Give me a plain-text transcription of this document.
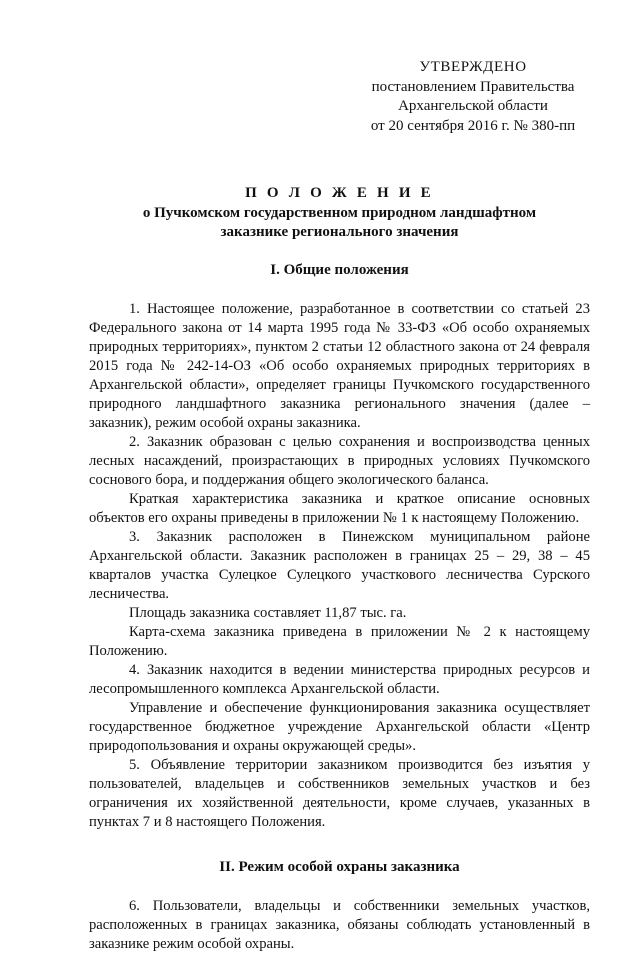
УТВЕРЖДЕНО
постановлением Правительства
Архангельской области
от 20 сентября 2016 г. № 380-пп
П О Л О Ж Е Н И Е
о Пучкомском государственном природном ландшафтном
заказнике регионального значения
I. Общие положения

1. Настоящее положение, разработанное в соответствии со статьей 23 Федерального закона от 14 марта 1995 года № 33-ФЗ «Об особо охраняемых природных территориях», пунктом 2 статьи 12 областного закона от 24 февраля 2015 года № 242-14-ОЗ «Об особо охраняемых природных территориях в Архангельской области», определяет границы Пучкомского государственного природного ландшафтного заказника регионального значения (далее – заказник), режим особой охраны заказника.

2. Заказник образован с целью сохранения и воспроизводства ценных лесных насаждений, произрастающих в природных условиях Пучкомского соснового бора, и поддержания общего экологического баланса.

Краткая характеристика заказника и краткое описание основных объектов его охраны приведены в приложении № 1 к настоящему Положению.

3. Заказник расположен в Пинежском муниципальном районе Архангельской области. Заказник расположен в границах 25 – 29, 38 – 45 кварталов участка Сулецкое Сулецкого участкового лесничества Сурского лесничества.

Площадь заказника составляет 11,87 тыс. га.

Карта-схема заказника приведена в приложении № 2 к настоящему Положению.

4. Заказник находится в ведении министерства природных ресурсов и лесопромышленного комплекса Архангельской области.

Управление и обеспечение функционирования заказника осуществляет государственное бюджетное учреждение Архангельской области «Центр природопользования и охраны окружающей среды».

5. Объявление территории заказником производится без изъятия у пользователей, владельцев и собственников земельных участков и без ограничения их хозяйственной деятельности, кроме случаев, указанных в пунктах 7 и 8 настоящего Положения.

II. Режим особой охраны заказника

6. Пользователи, владельцы и собственники земельных участков, расположенных в границах заказника, обязаны соблюдать установленный в заказнике режим особой охраны.
